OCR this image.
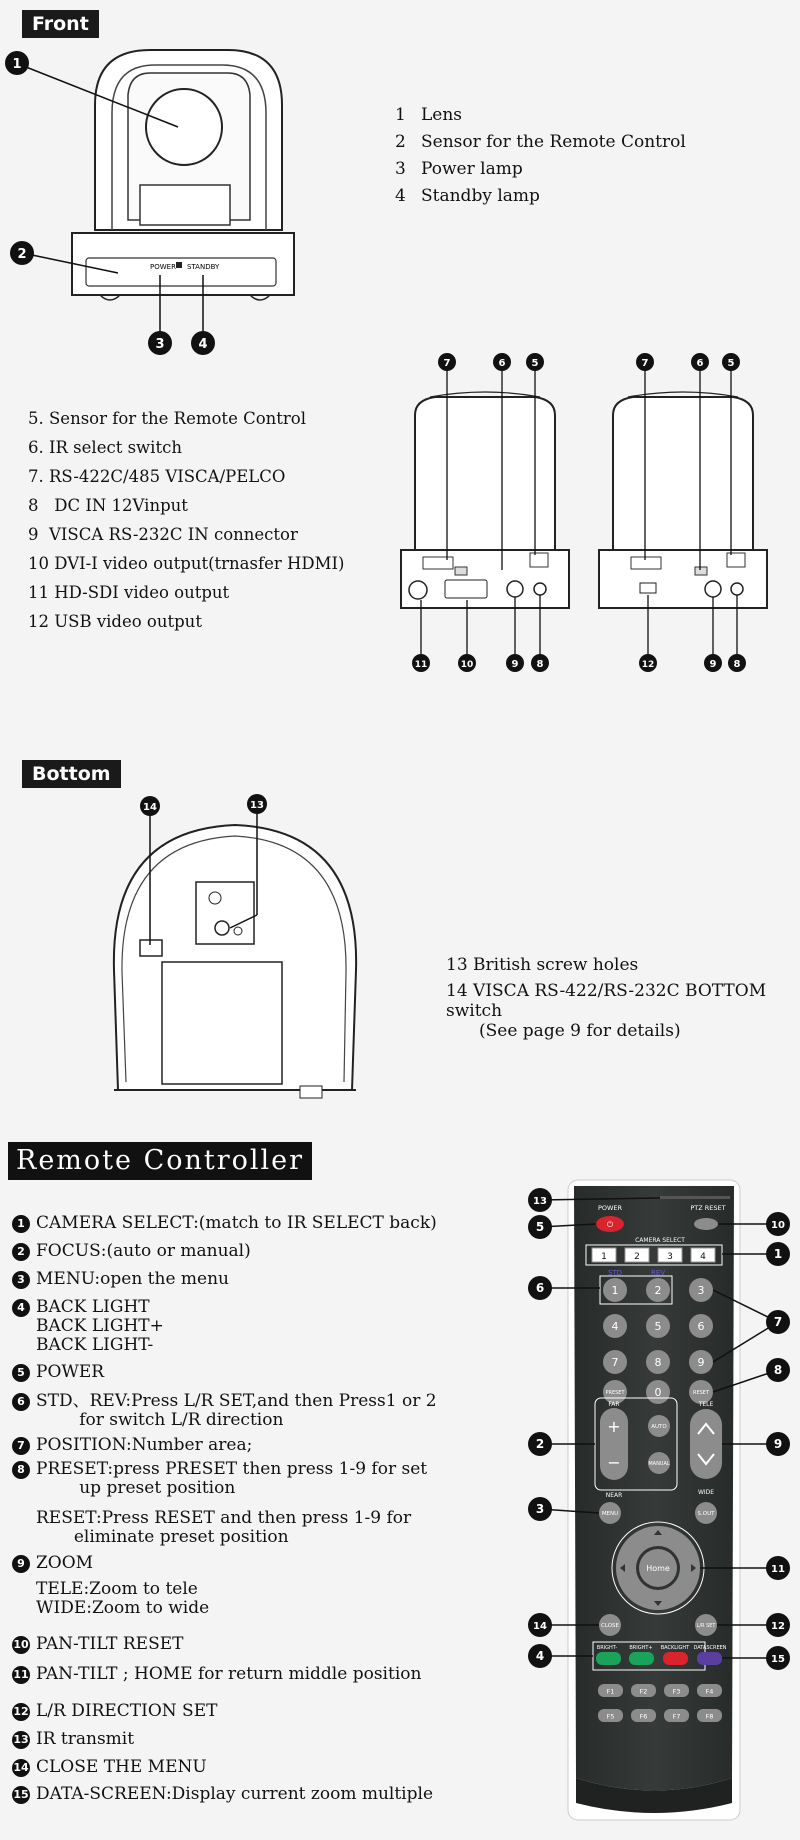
Front
POWER STANDBY
1
2
3	4
1 Lens
2 Sensor for the Remote Control
3 Power lamp
4 Standby lamp
5. Sensor for the Remote Control
6. IR select switch
7. RS-422C/485 VISCA/PELCO
8 DC IN 12Vinput
9 VISCA RS-232C IN connector
10 DVI-I video output(trnasfer HDMI)
11 HD-SDI video output
12 USB video output
7	6	5
11	10	9 8
7	6 5
12	9 8
Bottom
14	13
13 British screw holes
14 VISCA RS-422/RS-232C BOTTOM switch
(See page 9 for details)
Remote Controller
1 CAMERA SELECT:(match to IR SELECT back)
2 FOCUS:(auto or manual)
3 MENU:open the menu
4 BACK LIGHT
BACK LIGHT+
BACK LIGHT-
5 POWER
6 STD、REV:Press L/R SET,and then Press1 or 2
for switch L/R direction
7 POSITION:Number area;
8 PRESET:press PRESET then press 1-9 for set
up preset position
RESET:Press RESET and then press 1-9 for
eliminate preset position
9 ZOOM
TELE:Zoom to tele
WIDE:Zoom to wide
10 PAN-TILT RESET
11 PAN-TILT ; HOME for return middle position
12 L/R DIRECTION SET
13 IR transmit
14 CLOSE THE MENU
15 DATA-SCREEN:Display current zoom multiple
POWER
⏻
PTZ RESET
CAMERA SELECT
1	2	3	4
STD	REV
1	2	3
4	5	6
7	8	9
PRESET	0	RESET
FAR
+
−
NEAR
AUTO
MANUAL
TELE
WIDE
MENU	S.OUT
Home
CLOSE	L/R SET
BRIGHT- BRIGHT+ BACKLIGHT DATASCREEN
F1	F2	F3	F4
F5	F6	F7	F8
13
5	10
1
6
7
8
2	9
3
11
14	12
4	15
